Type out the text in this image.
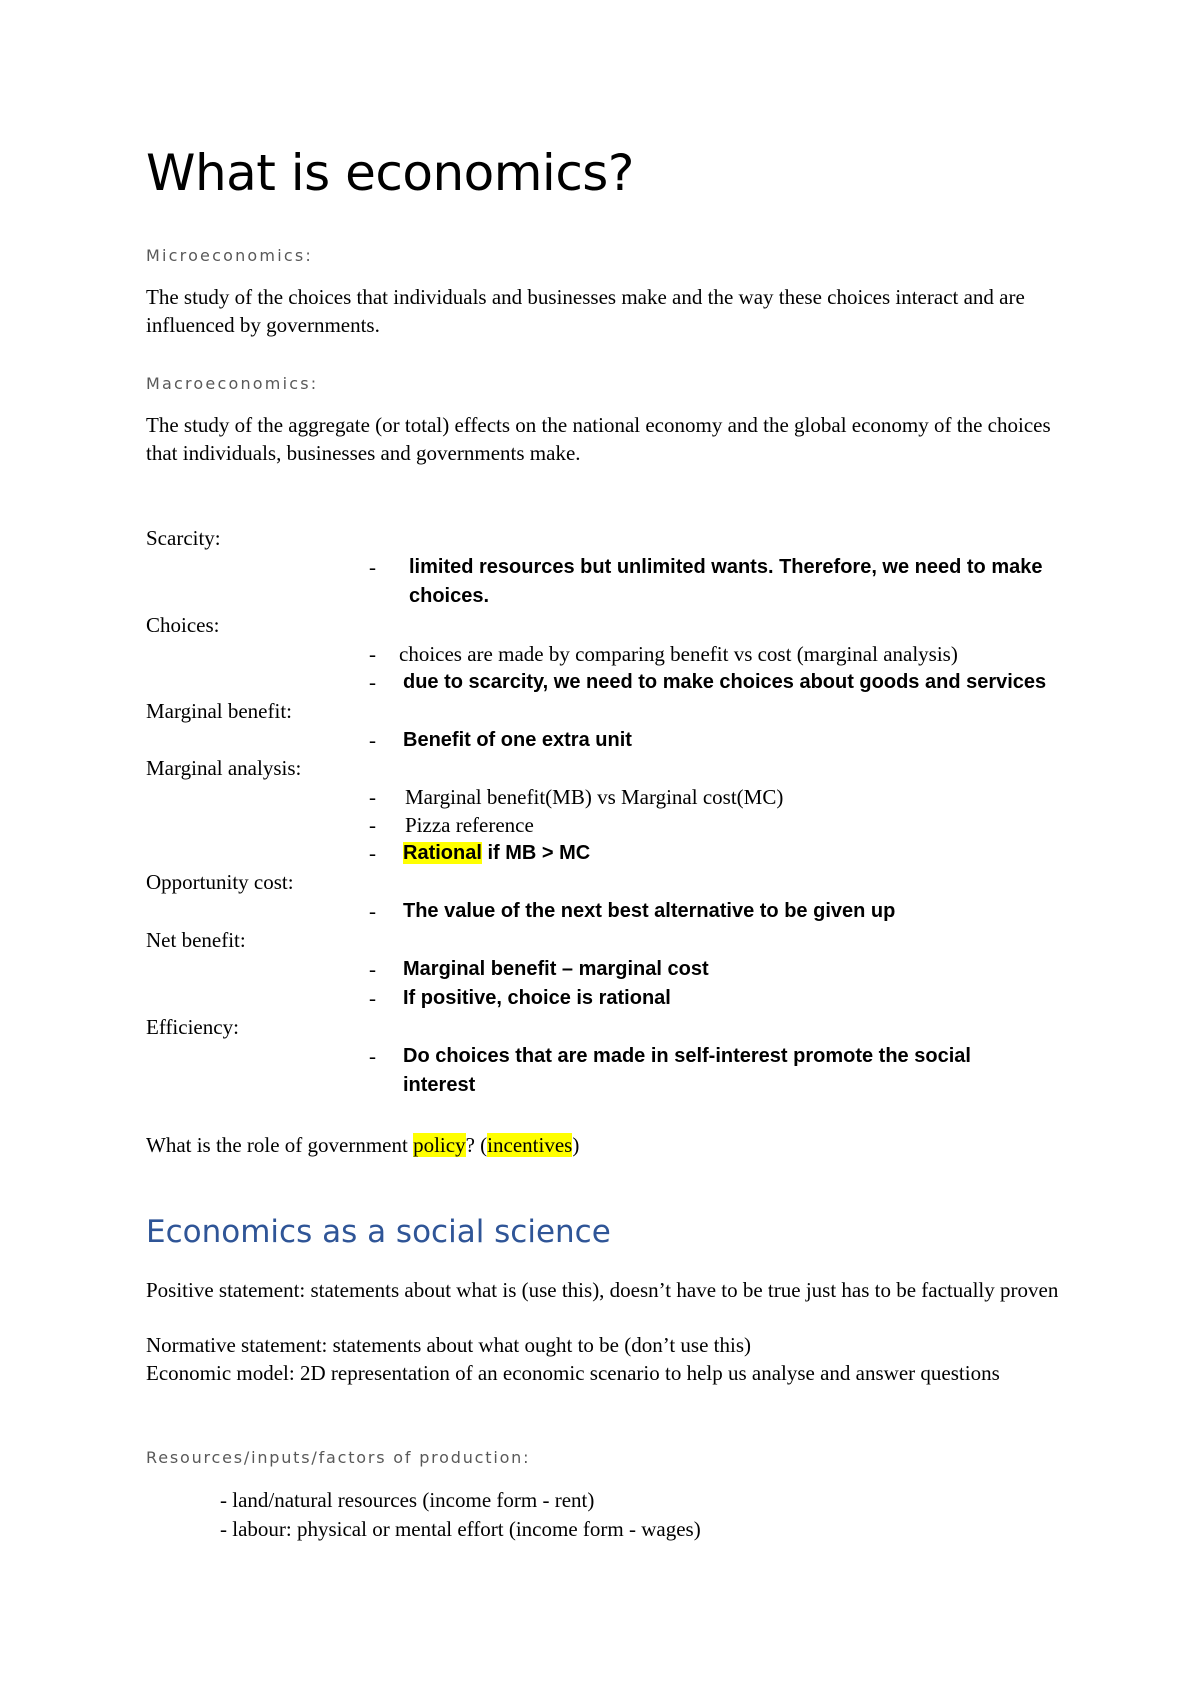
What is economics?
Microeconomics:

The study of the choices that individuals and businesses make and the way these choices interact and are influenced by governments.

Macroeconomics:

The study of the aggregate (or total) effects on the national economy and the global economy of the choices that individuals, businesses and governments make.

Scarcity:

- limited resources but unlimited wants. Therefore, we need to make choices.

Choices:

- choices are made by comparing benefit vs cost (marginal analysis)
- due to scarcity, we need to make choices about goods and services

Marginal benefit:

- Benefit of one extra unit

Marginal analysis:

- Marginal benefit(MB) vs Marginal cost(MC)
- Pizza reference
- Rational if MB > MC

Opportunity cost:

- The value of the next best alternative to be given up

Net benefit:

- Marginal benefit – marginal cost
- If positive, choice is rational

Efficiency:

- Do choices that are made in self-interest promote the social interest

What is the role of government policy? (incentives)

Economics as a social science

Positive statement: statements about what is (use this), doesn’t have to be true just has to be factually proven

Normative statement: statements about what ought to be (don’t use this)

Economic model: 2D representation of an economic scenario to help us analyse and answer questions

Resources/inputs/factors of production:

- land/natural resources (income form - rent)

- labour: physical or mental effort (income form - wages)
